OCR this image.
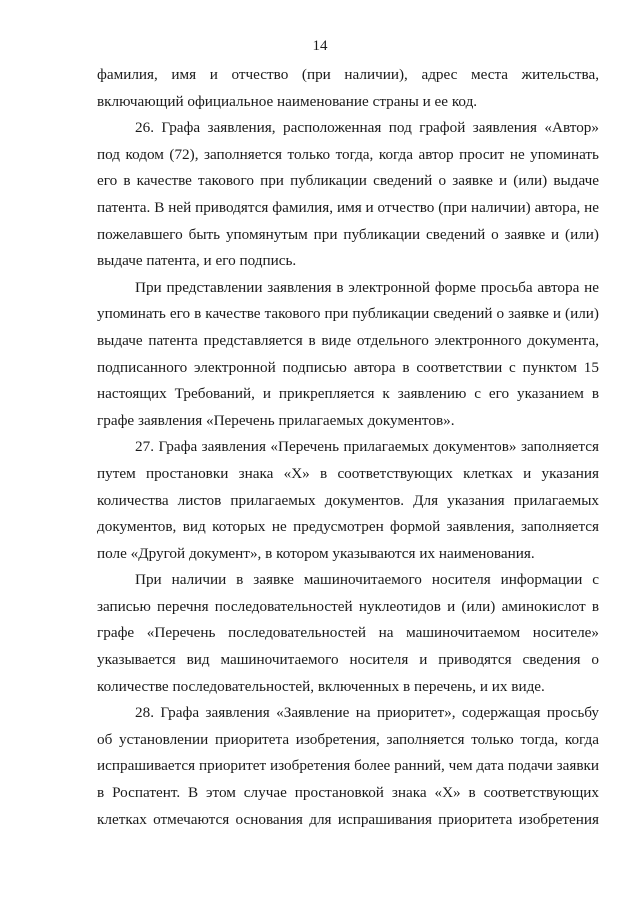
14

фамилия, имя и отчество (при наличии), адрес места жительства, включающий официальное наименование страны и ее код.

26. Графа заявления, расположенная под графой заявления «Автор» под кодом (72), заполняется только тогда, когда автор просит не упоминать его в качестве такового при публикации сведений о заявке и (или) выдаче патента. В ней приводятся фамилия, имя и отчество (при наличии) автора, не пожелавшего быть упомянутым при публикации сведений о заявке и (или) выдаче патента, и его подпись.

При представлении заявления в электронной форме просьба автора не упоминать его в качестве такового при публикации сведений о заявке и (или) выдаче патента представляется в виде отдельного электронного документа, подписанного электронной подписью автора в соответствии с пунктом 15 настоящих Требований, и прикрепляется к заявлению с его указанием в графе заявления «Перечень прилагаемых документов».

27. Графа заявления «Перечень прилагаемых документов» заполняется путем простановки знака «Х» в соответствующих клетках и указания количества листов прилагаемых документов. Для указания прилагаемых документов, вид которых не предусмотрен формой заявления, заполняется поле «Другой документ», в котором указываются их наименования.

При наличии в заявке машиночитаемого носителя информации с записью перечня последовательностей нуклеотидов и (или) аминокислот в графе «Перечень последовательностей на машиночитаемом носителе» указывается вид машиночитаемого носителя и приводятся сведения о количестве последовательностей, включенных в перечень, и их виде.

28. Графа заявления «Заявление на приоритет», содержащая просьбу об установлении приоритета изобретения, заполняется только тогда, когда испрашивается приоритет изобретения более ранний, чем дата подачи заявки в Роспатент. В этом случае простановкой знака «Х» в соответствующих клетках отмечаются основания для испрашивания приоритета изобретения
